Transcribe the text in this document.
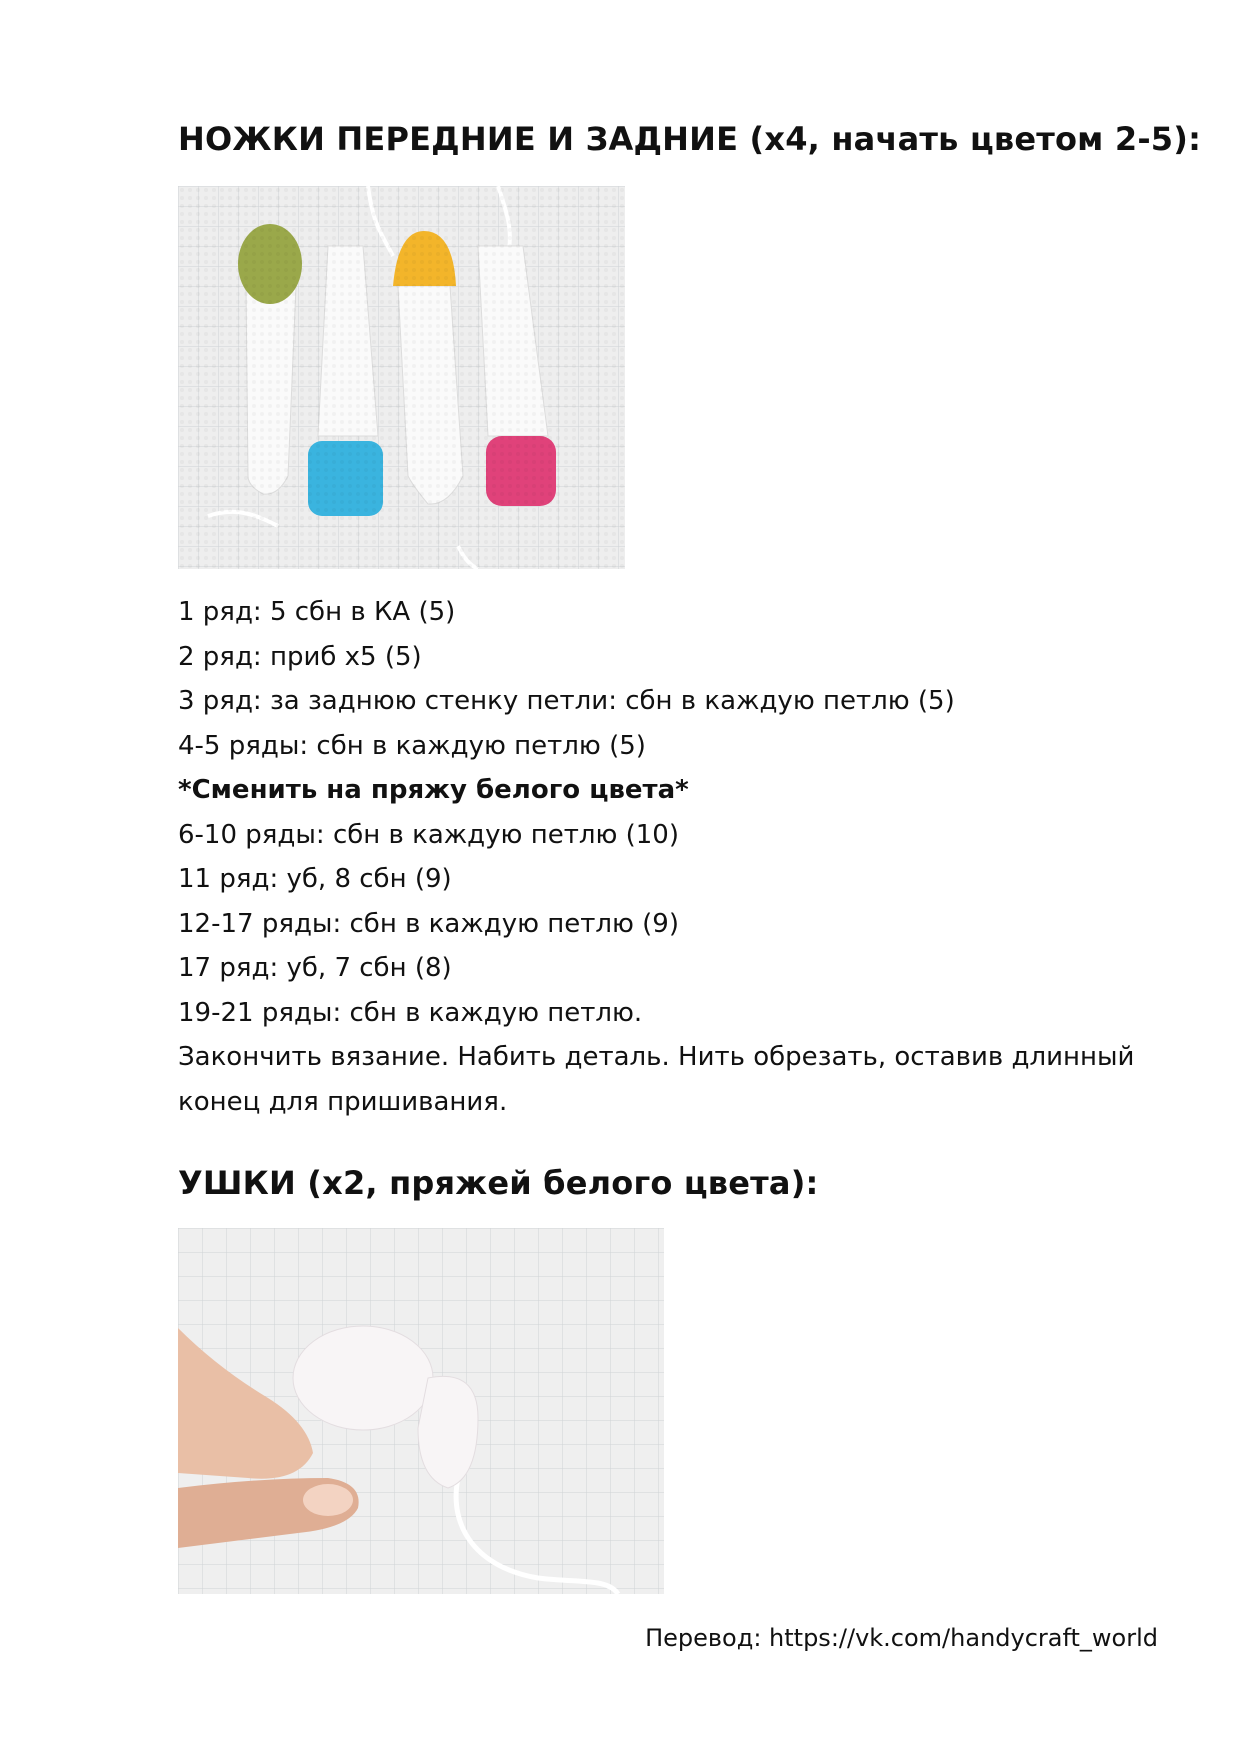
НОЖКИ ПЕРЕДНИЕ И ЗАДНИЕ (х4, начать цветом 2-5):
1 ряд: 5 сбн в КА (5)
2 ряд: приб х5 (5)
3 ряд: за заднюю стенку петли: сбн в каждую петлю (5)
4-5 ряды: сбн в каждую петлю (5)
*Сменить на пряжу белого цвета*
6-10 ряды: сбн в каждую петлю (10)
11 ряд: уб, 8 сбн (9)
12-17 ряды: сбн в каждую петлю (9)
17 ряд: уб, 7 сбн (8)
19-21 ряды: сбн в каждую петлю.
Закончить вязание. Набить деталь. Нить обрезать, оставив длинный
конец для пришивания.
УШКИ (х2, пряжей белого цвета):
Перевод: https://vk.com/handycraft_world
